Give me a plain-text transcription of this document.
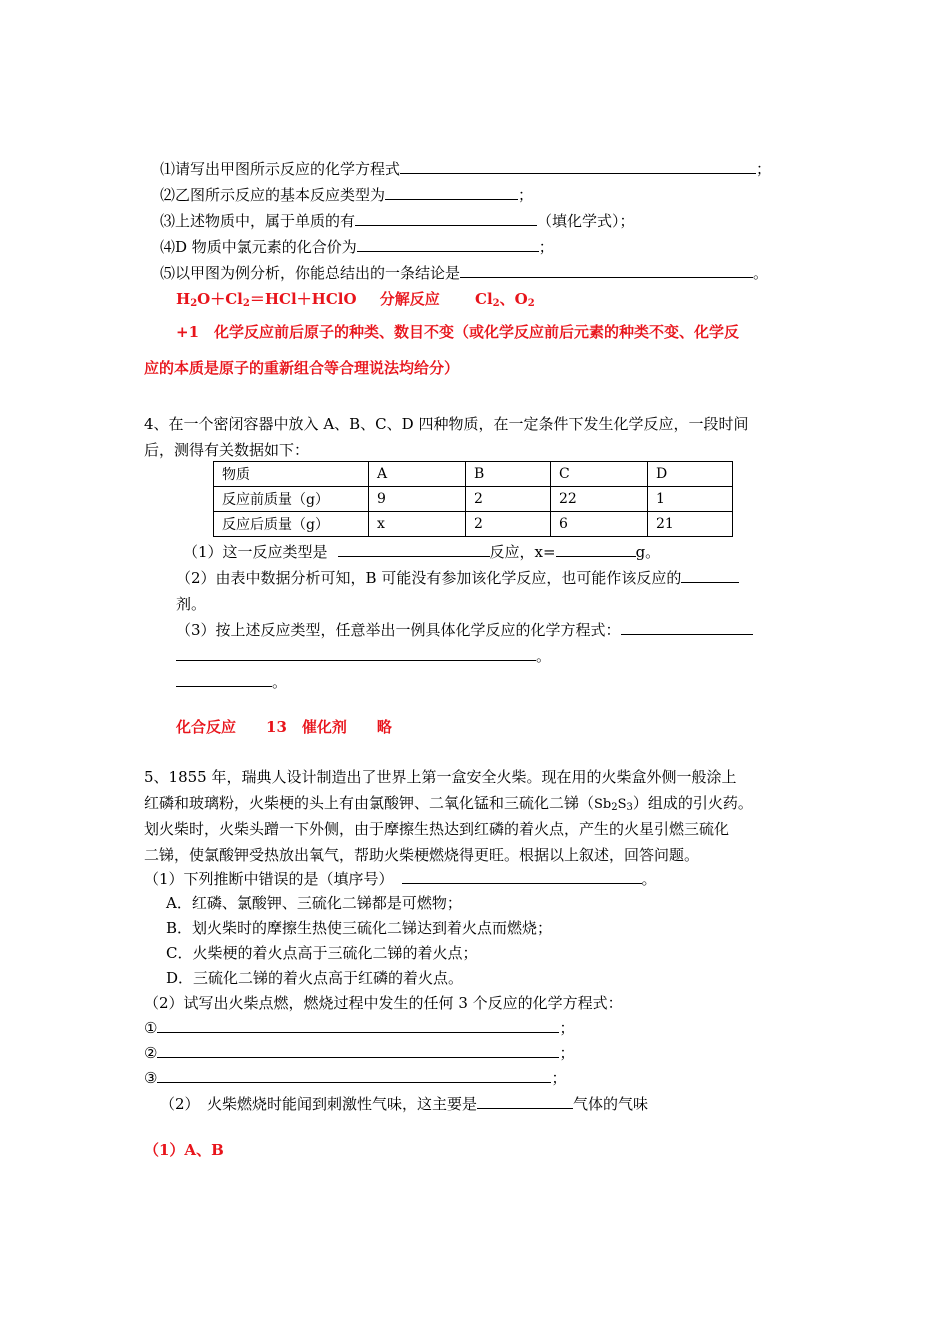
⑴请写出甲图所示反应的化学方程式	；
⑵乙图所示反应的基本反应类型为	；
⑶上述物质中，属于单质的有	（填化学式）；
⑷D 物质中氯元素的化合价为	；
⑸以甲图为例分析，你能总结出的一条结论是	。
$H_2O+Cl_2=HCl+HClO$ 分解反应 $Cl_2$、$O_2$
+1　化学反应前后原子的种类、数目不变（或化学反应前后元素的种类不变、化学反
应的本质是原子的重新组合等合理说法均给分）
4、在一个密闭容器中放入 A、B、C、D 四种物质，在一定条件下发生化学反应，一段时间
后，测得有关数据如下：
物质	A	B	C	D
反应前质量（g）	9	2	22	1
反应后质量（g）	x	2	6	21
（1）这一反应类型是	反应，x=	g。
（2）由表中数据分析可知，B 可能没有参加该化学反应，也可能作该反应的
剂。
（3）按上述反应类型，任意举出一例具体化学反应的化学方程式：
。
。
化合反应　　13　催化剂　　略
5、1855 年，瑞典人设计制造出了世界上第一盒安全火柴。现在用的火柴盒外侧一般涂上
红磷和玻璃粉，火柴梗的头上有由氯酸钾、二氧化锰和三硫化二锑$(Sb_2S_3)$组成的引火药。
划火柴时，火柴头蹭一下外侧，由于摩擦生热达到红磷的着火点，产生的火星引燃三硫化
二锑，使氯酸钾受热放出氧气，帮助火柴梗燃烧得更旺。根据以上叙述，回答问题。
（1）下列推断中错误的是（填序号）	。
A．红磷、氯酸钾、三硫化二锑都是可燃物；
B．划火柴时的摩擦生热使三硫化二锑达到着火点而燃烧；
C．火柴梗的着火点高于三硫化二锑的着火点；
D．三硫化二锑的着火点高于红磷的着火点。
（2）试写出火柴点燃，燃烧过程中发生的任何 3 个反应的化学方程式：
①	；
②	；
③	；
（2）　火柴燃烧时能闻到刺激性气味，这主要是	气体的气味
（1）A、B
